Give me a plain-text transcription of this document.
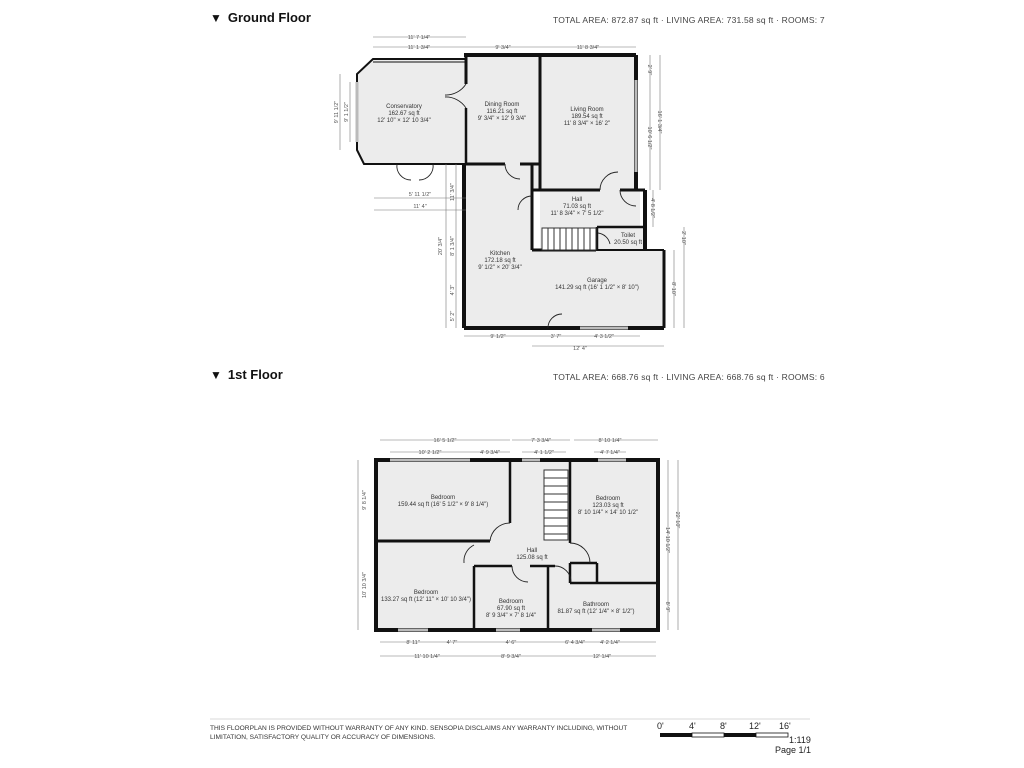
▼ Ground Floor	TOTAL AREA: 872.87 sq ft · LIVING AREA: 731.58 sq ft · ROOMS: 7
▼ 1st Floor	TOTAL AREA: 668.76 sq ft · LIVING AREA: 668.76 sq ft · ROOMS: 6
Conservatory
162.67 sq ft
12' 10" × 12' 10 3/4"
Dining Room
116.21 sq ft
9' 3/4" × 12' 9 3/4"
Living Room
189.54 sq ft
11' 8 3/4" × 16' 2"
Hall
71.03 sq ft
11' 8 3/4" × 7' 5 1/2"
Toilet
20.50 sq ft
Kitchen
172.18 sq ft
9' 1/2" × 20' 3/4"
Garage
141.29 sq ft (16' 1 1/2" × 8' 10")
11' 7 1/4"
11' 1 3/4"	9' 3/4"	11' 8 3/4"
9' 11 1/2" 9' 1 1/2"
2' 9"
10' 6 1/2"
16' 1 3/4"
5' 11 1/2"
11' 4"
20' 3/4" 8' 1 3/4"
4' 3"
5' 2"
11' 3/4"
9' 1/2"	3' 7"	4' 3 1/2"
12' 4"
8' 10"
2' 10"
4' 8 1/2"
Bedroom
159.44 sq ft (16' 5 1/2" × 9' 8 1/4")
Bedroom
123.03 sq ft
8' 10 1/4" × 14' 10 1/2"
Hall
125.08 sq ft
Bedroom
133.27 sq ft (12' 11" × 10' 10 3/4")	Bedroom
67.90 sq ft
8' 9 3/4" × 7' 8 1/4"
Bathroom
81.87 sq ft (12' 1/4" × 8' 1/2")
16' 5 1/2"
10' 2 1/2"	4' 9 3/4"
7' 3 3/4"
4' 1 1/2"
8' 10 1/4"
4' 7 1/4"
9' 8 1/4"
10' 10 3/4"
14' 10 1/2"
22' 10"
8' 9"
8' 11"	4' 7"
11' 10 1/4"
4' 6"
8' 9 3/4"
6' 4 3/4"	4' 2 1/4"
12' 1/4"
THIS FLOORPLAN IS PROVIDED WITHOUT WARRANTY OF ANY KIND. SENSOPIA DISCLAIMS ANY WARRANTY INCLUDING, WITHOUT LIMITATION, SATISFACTORY QUALITY OR ACCURACY OF DIMENSIONS.
0'	4'	8' 12' 16'
1:119
Page 1/1
